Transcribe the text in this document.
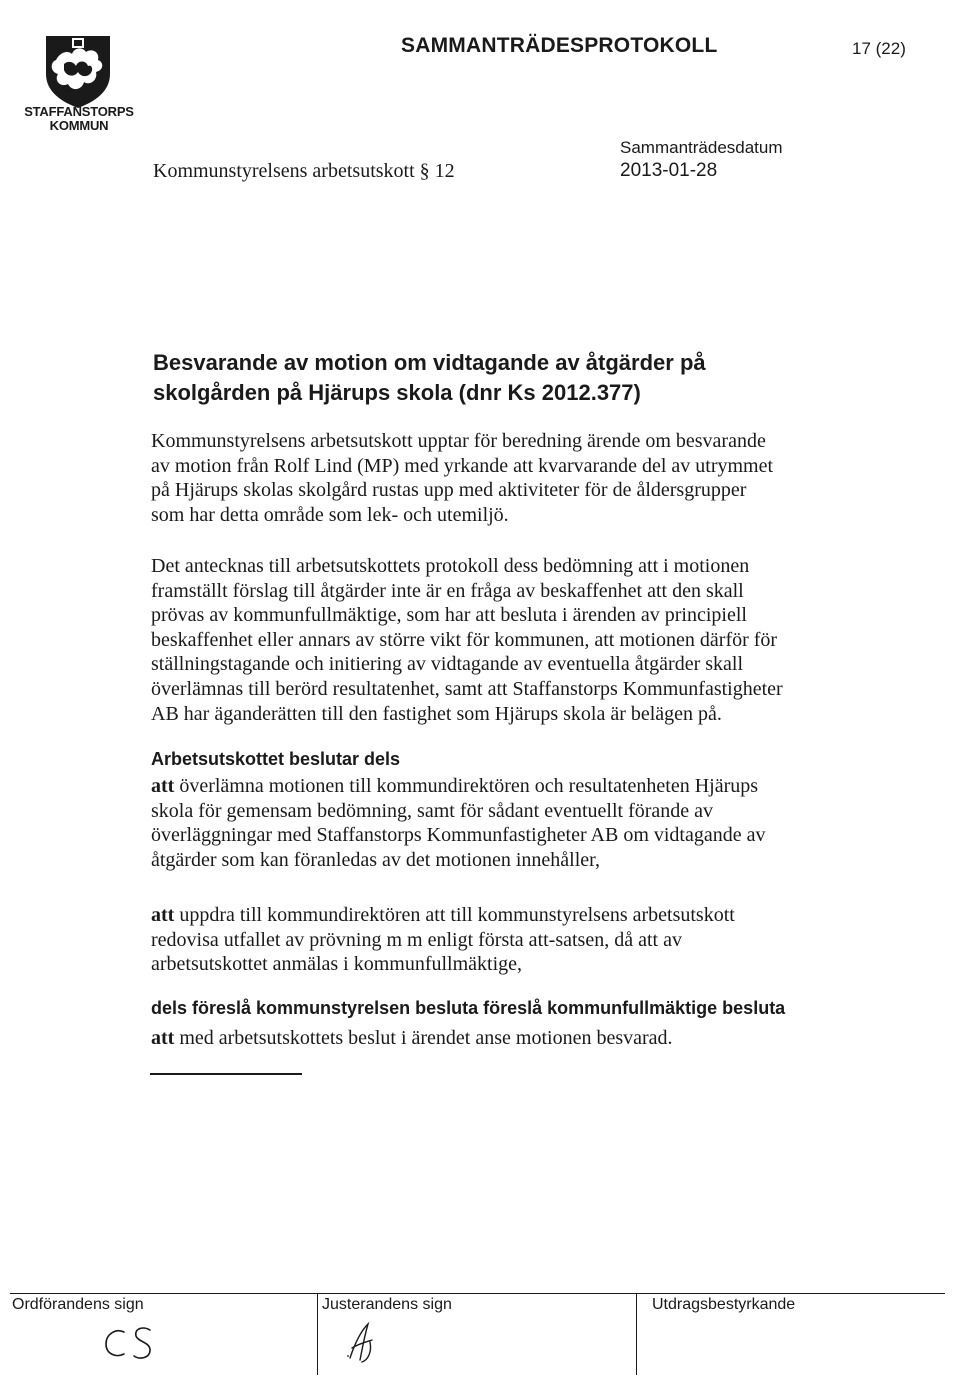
STAFFANSTORPS
KOMMUN
SAMMANTRÄDESPROTOKOLL	17 (22)
Kommunstyrelsens arbetsutskott § 12
Sammanträdesdatum
2013-01-28
Besvarande av motion om vidtagande av åtgärder på
skolgården på Hjärups skola (dnr Ks 2012.377)
Kommunstyrelsens arbetsutskott upptar för beredning ärende om besvarande
av motion från Rolf Lind (MP) med yrkande att kvarvarande del av utrymmet
på Hjärups skolas skolgård rustas upp med aktiviteter för de åldersgrupper
som har detta område som lek- och utemiljö.
Det antecknas till arbetsutskottets protokoll dess bedömning att i motionen
framställt förslag till åtgärder inte är en fråga av beskaffenhet att den skall
prövas av kommunfullmäktige, som har att besluta i ärenden av principiell
beskaffenhet eller annars av större vikt för kommunen, att motionen därför för
ställningstagande och initiering av vidtagande av eventuella åtgärder skall
överlämnas till berörd resultatenhet, samt att Staffanstorps Kommunfastigheter
AB har äganderätten till den fastighet som Hjärups skola är belägen på.
Arbetsutskottet beslutar dels
att överlämna motionen till kommundirektören och resultatenheten Hjärups
skola för gemensam bedömning, samt för sådant eventuellt förande av
överläggningar med Staffanstorps Kommunfastigheter AB om vidtagande av
åtgärder som kan föranledas av det motionen innehåller,
att uppdra till kommundirektören att till kommunstyrelsens arbetsutskott
redovisa utfallet av prövning m m enligt första att-satsen, då att av
arbetsutskottet anmälas i kommunfullmäktige,
dels föreslå kommunstyrelsen besluta föreslå kommunfullmäktige besluta
att med arbetsutskottets beslut i ärendet anse motionen besvarad.
Ordförandens sign	Justerandens sign	Utdragsbestyrkande
